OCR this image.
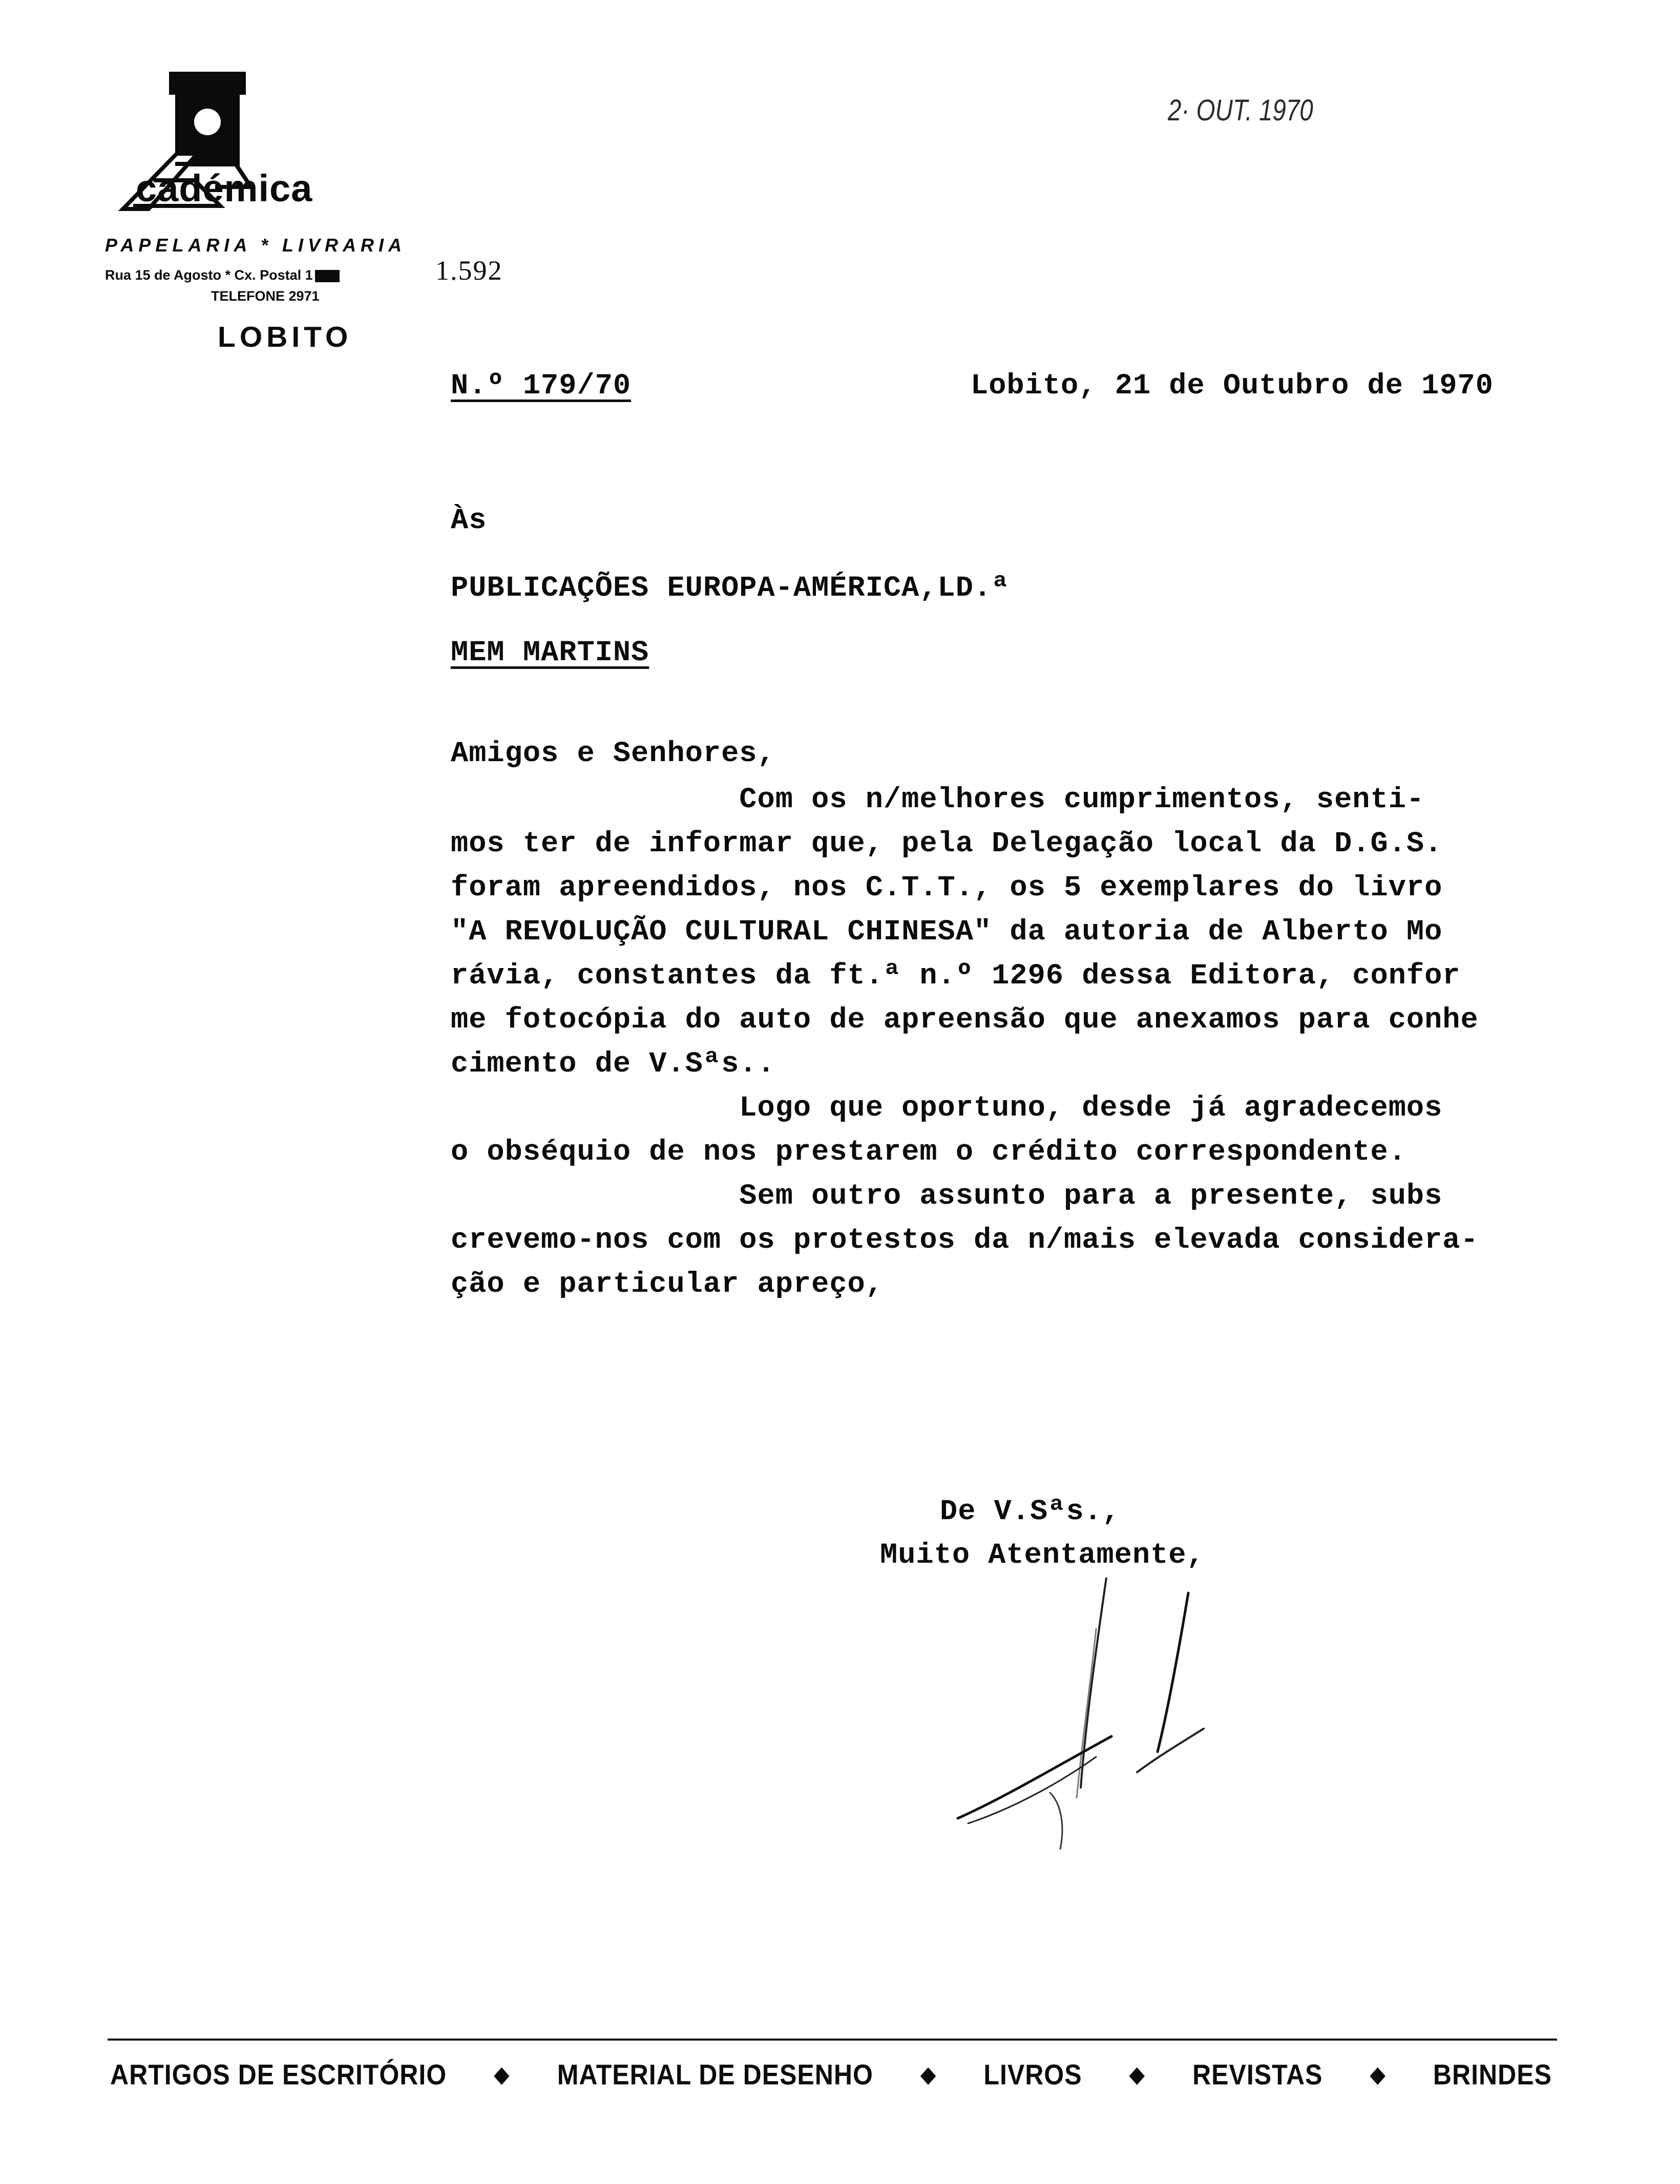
cadémica
PAPELARIA * LIVRARIA
Rua 15 de Agosto * Cx. Postal 1	1.592
TELEFONE 2971
LOBITO
2· OUT. 1970
N.º 179/70	Lobito, 21 de Outubro de 1970
Às
PUBLICAÇÕES EUROPA-AMÉRICA,LD.ª
MEM MARTINS
Amigos e Senhores,
Com os n/melhores cumprimentos, senti-
mos ter de informar que, pela Delegação local da D.G.S.
foram apreendidos, nos C.T.T., os 5 exemplares do livro
"A REVOLUÇÃO CULTURAL CHINESA" da autoria de Alberto Mo
rávia, constantes da ft.ª n.º 1296 dessa Editora, confor
me fotocópia do auto de apreensão que anexamos para conhe
cimento de V.Sªs..
Logo que oportuno, desde já agradecemos
o obséquio de nos prestarem o crédito correspondente.
Sem outro assunto para a presente, subs
crevemo-nos com os protestos da n/mais elevada considera-
ção e particular apreço,
De V.Sªs.,
Muito Atentamente,
ARTIGOS DE ESCRITÓRIO ◆ MATERIAL DE DESENHO ◆ LIVROS ◆ REVISTAS ◆ BRINDES
